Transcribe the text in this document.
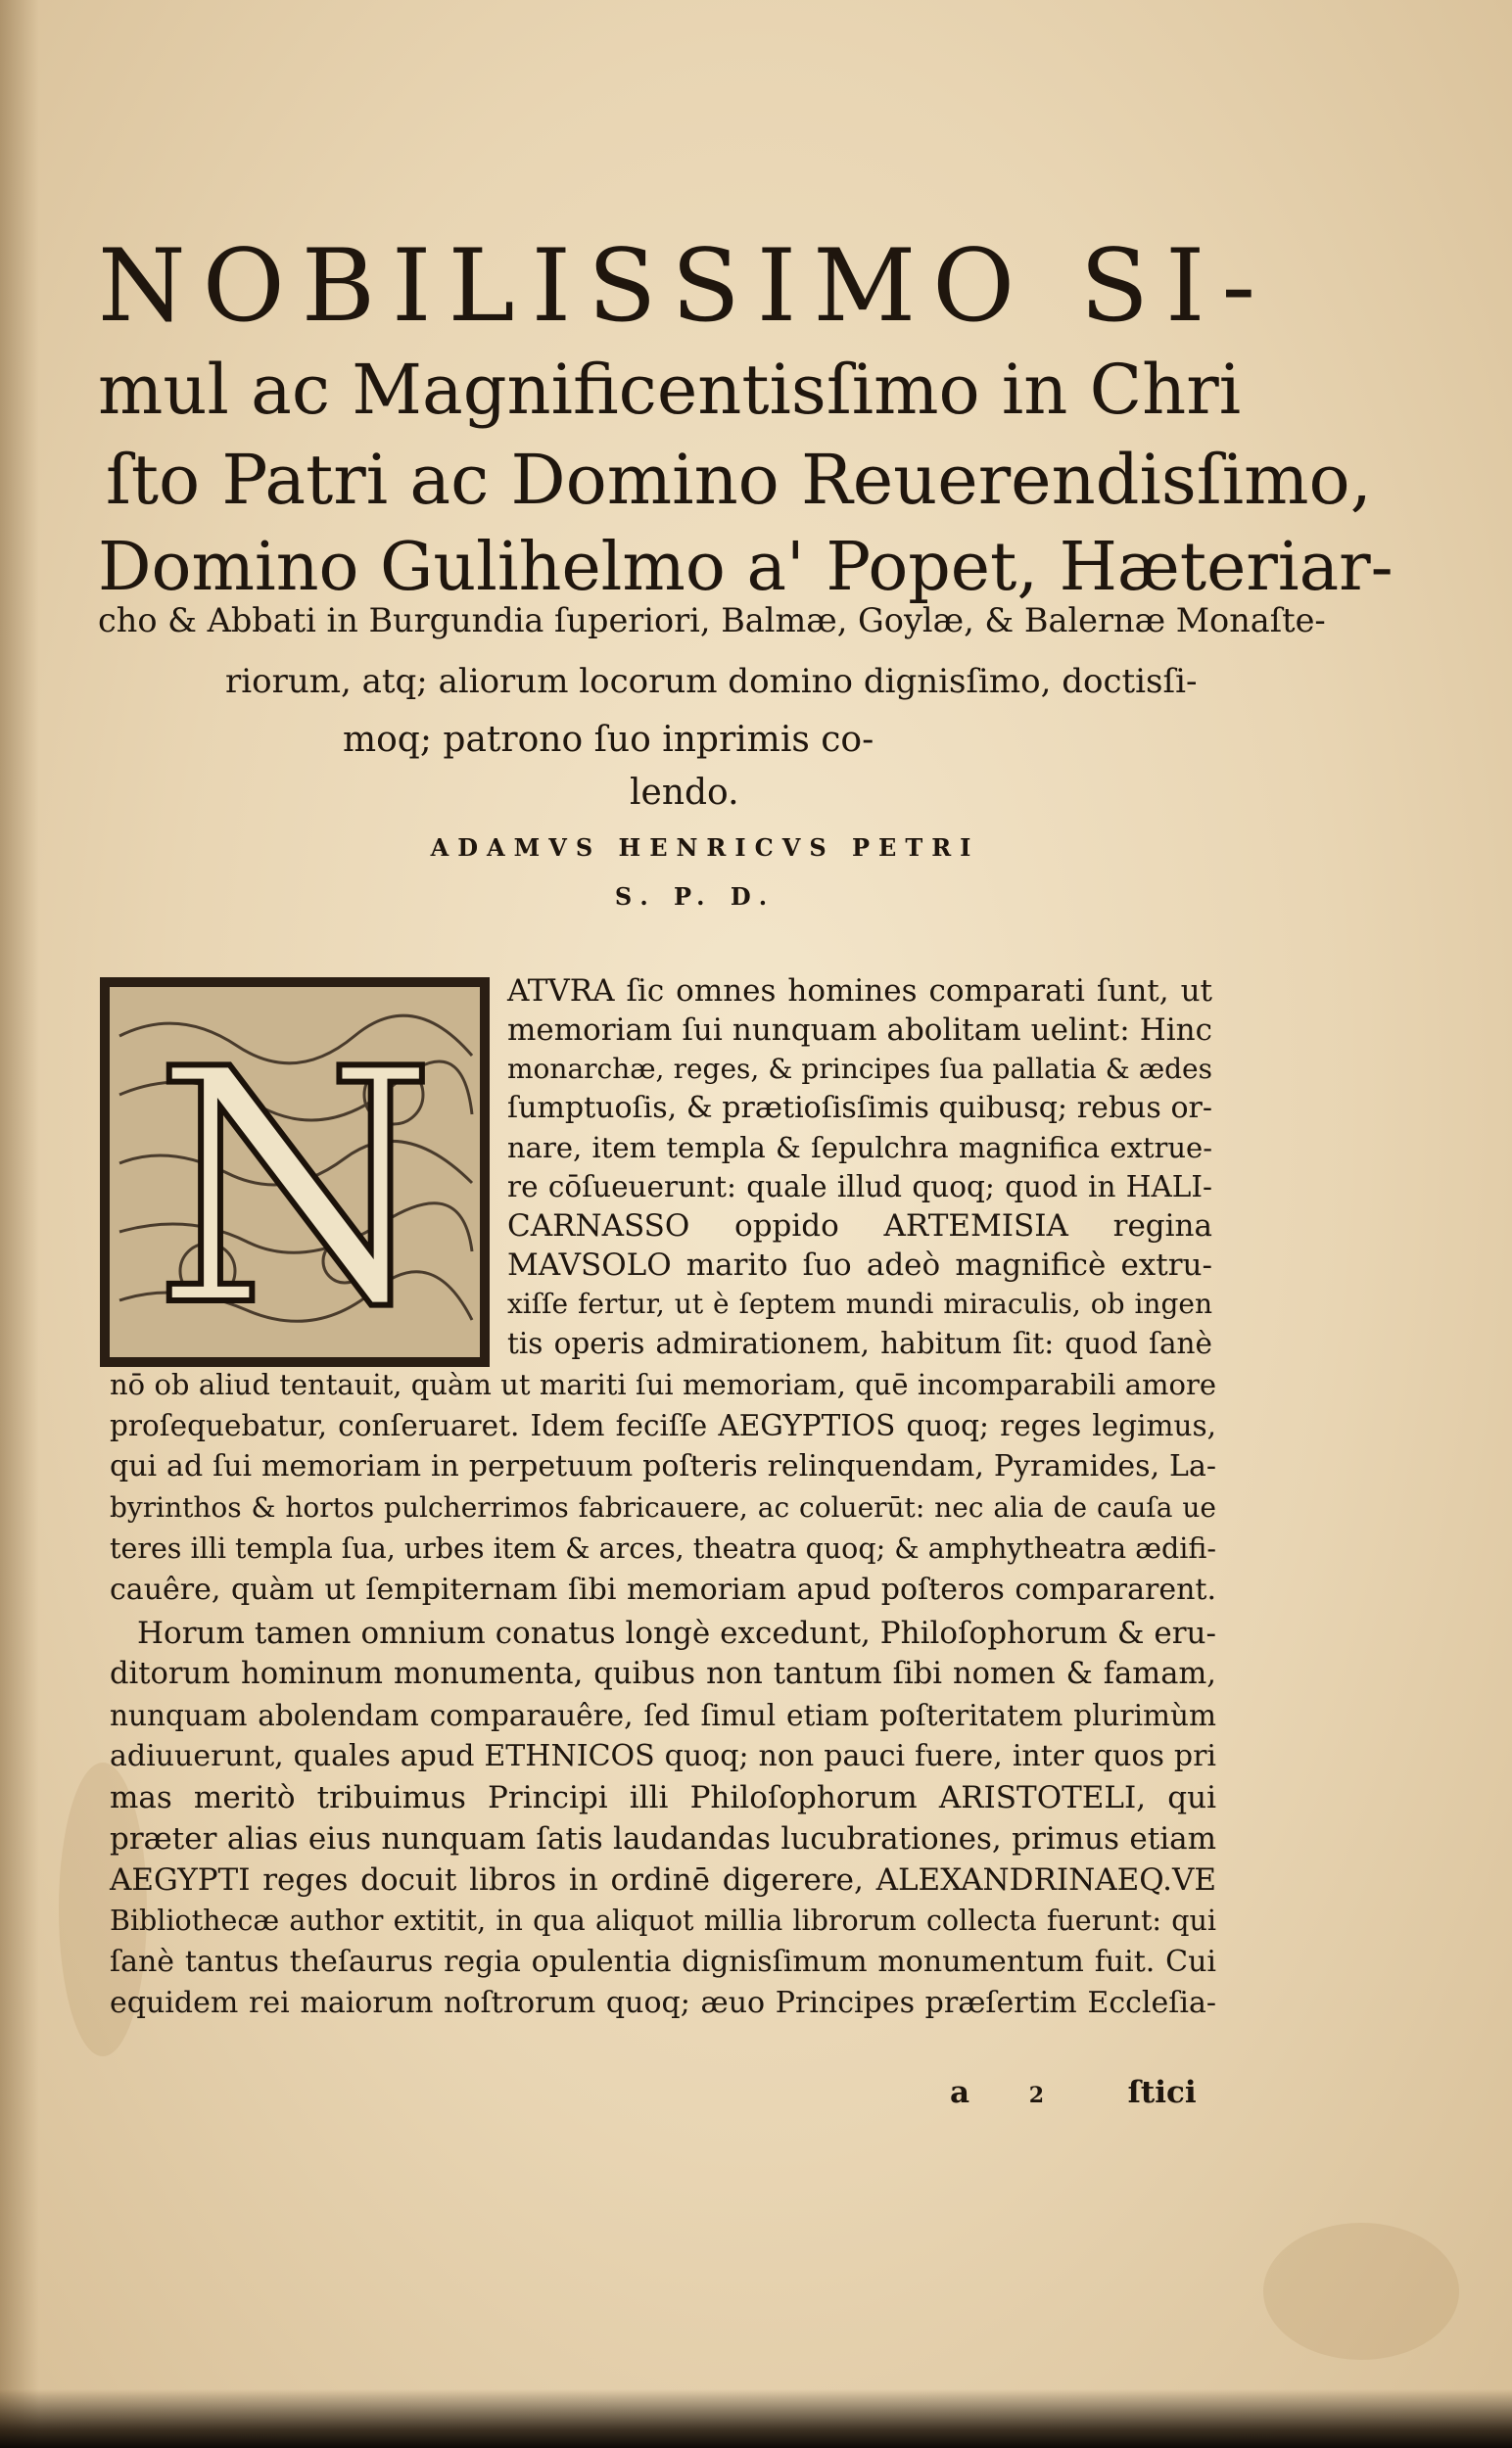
NOBILISSIMO SI-
mul ac Magnificentisſimo in Chri
ſto Patri ac Domino Reuerendisſimo,
Domino Gulihelmo a' Popet, Hæteriar-
cho & Abbati in Burgundia ſuperiori, Balmæ, Goylæ, & Balernæ Monaſte-
riorum, atq; aliorum locorum domino dignisſimo, doctisſi-
moq; patrono ſuo inprimis co-
lendo.
ADAMVS HENRICVS PETRI
S. P. D.
N
ATVRA ſic omnes homines comparati ſunt, ut
memoriam ſui nunquam abolitam uelint: Hinc
monarchæ, reges, & principes ſua pallatia & ædes
ſumptuoſis, & prætioſisſimis quibusq; rebus or-
nare, item templa & ſepulchra magnifica extrue-
re cōſueuerunt: quale illud quoq; quod in HALI-
CARNASSO oppido ARTEMISIA regina
MAVSOLO marito ſuo adeò magnificè extru-
xiſſe fertur, ut è ſeptem mundi miraculis, ob ingen
tis operis admirationem, habitum ſit: quod ſanè
nō ob aliud tentauit, quàm ut mariti ſui memoriam, quē incomparabili amore
proſequebatur, conſeruaret. Idem feciſſe AEGYPTIOS quoq; reges legimus,
qui ad ſui memoriam in perpetuum poſteris relinquendam, Pyramides, La-
byrinthos & hortos pulcherrimos fabricauere, ac coluerūt: nec alia de cauſa ue
teres illi templa ſua, urbes item & arces, theatra quoq; & amphytheatra ædifi-
cauêre, quàm ut ſempiternam ſibi memoriam apud poſteros compararent.
Horum tamen omnium conatus longè excedunt, Philoſophorum & eru-
ditorum hominum monumenta, quibus non tantum ſibi nomen & famam,
nunquam abolendam comparauêre, ſed ſimul etiam poſteritatem plurimùm
adiuuerunt, quales apud ETHNICOS quoq; non pauci fuere, inter quos pri
mas meritò tribuimus Principi illi Philoſophorum ARISTOTELI, qui
præter alias eius nunquam ſatis laudandas lucubrationes, primus etiam
AEGYPTI reges docuit libros in ordinē digerere, ALEXANDRINAEQ.VE
Bibliothecæ author extitit, in qua aliquot millia librorum collecta fuerunt: qui
ſanè tantus theſaurus regia opulentia dignisſimum monumentum fuit. Cui
equidem rei maiorum noſtrorum quoq; æuo Principes præſertim Eccleſia-
a	2	ſtici
